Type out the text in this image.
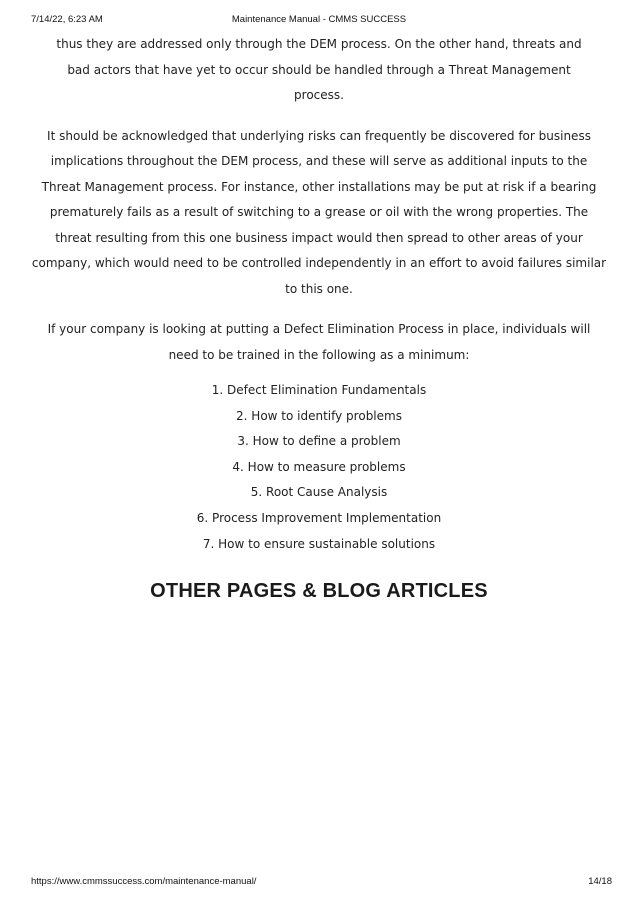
7/14/22, 6:23 AM	Maintenance Manual - CMMS SUCCESS

thus they are addressed only through the DEM process. On the other hand, threats and bad actors that have yet to occur should be handled through a Threat Management process.

It should be acknowledged that underlying risks can frequently be discovered for business implications throughout the DEM process, and these will serve as additional inputs to the Threat Management process. For instance, other installations may be put at risk if a bearing prematurely fails as a result of switching to a grease or oil with the wrong properties. The threat resulting from this one business impact would then spread to other areas of your company, which would need to be controlled independently in an effort to avoid failures similar to this one.

If your company is looking at putting a Defect Elimination Process in place, individuals will need to be trained in the following as a minimum:

1. Defect Elimination Fundamentals
2. How to identify problems
3. How to define a problem
4. How to measure problems
5. Root Cause Analysis
6. Process Improvement Implementation
7. How to ensure sustainable solutions
OTHER PAGES & BLOG ARTICLES
https://www.cmmssuccess.com/maintenance-manual/	14/18
